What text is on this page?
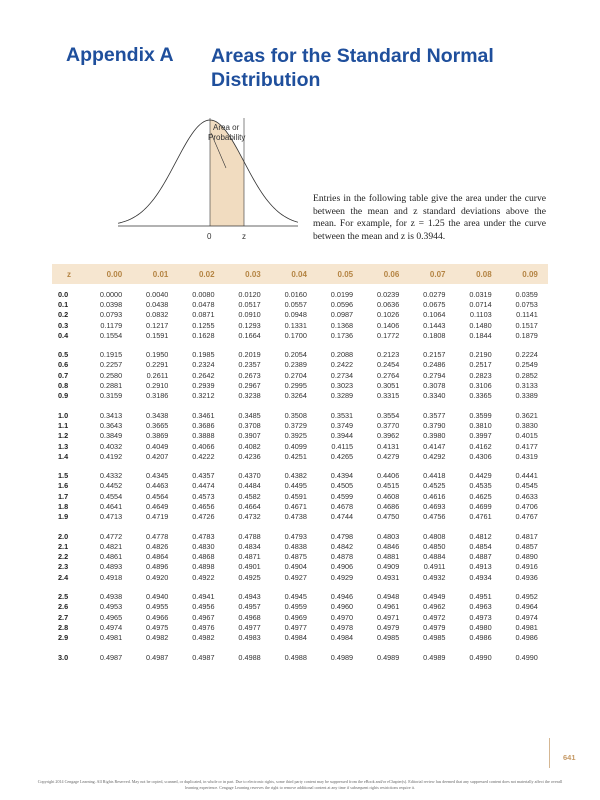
Appendix A Areas for the Standard Normal Distribution
Area or
Probability
0	z
Entries in the following table give the area under the curve between the mean and z standard deviations above the mean. For example, for z = 1.25 the area under the curve between the mean and z is 0.3944.
z	0.00	0.01	0.02	0.03	0.04	0.05	0.06	0.07	0.08	0.09
0.0	0.0000	0.0040	0.0080	0.0120	0.0160	0.0199	0.0239	0.0279	0.0319	0.0359
0.1	0.0398	0.0438	0.0478	0.0517	0.0557	0.0596	0.0636	0.0675	0.0714	0.0753
0.2	0.0793	0.0832	0.0871	0.0910	0.0948	0.0987	0.1026	0.1064	0.1103	0.1141
0.3	0.1179	0.1217	0.1255	0.1293	0.1331	0.1368	0.1406	0.1443	0.1480	0.1517
0.4	0.1554	0.1591	0.1628	0.1664	0.1700	0.1736	0.1772	0.1808	0.1844	0.1879
0.5	0.1915	0.1950	0.1985	0.2019	0.2054	0.2088	0.2123	0.2157	0.2190	0.2224
0.6	0.2257	0.2291	0.2324	0.2357	0.2389	0.2422	0.2454	0.2486	0.2517	0.2549
0.7	0.2580	0.2611	0.2642	0.2673	0.2704	0.2734	0.2764	0.2794	0.2823	0.2852
0.8	0.2881	0.2910	0.2939	0.2967	0.2995	0.3023	0.3051	0.3078	0.3106	0.3133
0.9	0.3159	0.3186	0.3212	0.3238	0.3264	0.3289	0.3315	0.3340	0.3365	0.3389
1.0	0.3413	0.3438	0.3461	0.3485	0.3508	0.3531	0.3554	0.3577	0.3599	0.3621
1.1	0.3643	0.3665	0.3686	0.3708	0.3729	0.3749	0.3770	0.3790	0.3810	0.3830
1.2	0.3849	0.3869	0.3888	0.3907	0.3925	0.3944	0.3962	0.3980	0.3997	0.4015
1.3	0.4032	0.4049	0.4066	0.4082	0.4099	0.4115	0.4131	0.4147	0.4162	0.4177
1.4	0.4192	0.4207	0.4222	0.4236	0.4251	0.4265	0.4279	0.4292	0.4306	0.4319
1.5	0.4332	0.4345	0.4357	0.4370	0.4382	0.4394	0.4406	0.4418	0.4429	0.4441
1.6	0.4452	0.4463	0.4474	0.4484	0.4495	0.4505	0.4515	0.4525	0.4535	0.4545
1.7	0.4554	0.4564	0.4573	0.4582	0.4591	0.4599	0.4608	0.4616	0.4625	0.4633
1.8	0.4641	0.4649	0.4656	0.4664	0.4671	0.4678	0.4686	0.4693	0.4699	0.4706
1.9	0.4713	0.4719	0.4726	0.4732	0.4738	0.4744	0.4750	0.4756	0.4761	0.4767
2.0	0.4772	0.4778	0.4783	0.4788	0.4793	0.4798	0.4803	0.4808	0.4812	0.4817
2.1	0.4821	0.4826	0.4830	0.4834	0.4838	0.4842	0.4846	0.4850	0.4854	0.4857
2.2	0.4861	0.4864	0.4868	0.4871	0.4875	0.4878	0.4881	0.4884	0.4887	0.4890
2.3	0.4893	0.4896	0.4898	0.4901	0.4904	0.4906	0.4909	0.4911	0.4913	0.4916
2.4	0.4918	0.4920	0.4922	0.4925	0.4927	0.4929	0.4931	0.4932	0.4934	0.4936
2.5	0.4938	0.4940	0.4941	0.4943	0.4945	0.4946	0.4948	0.4949	0.4951	0.4952
2.6	0.4953	0.4955	0.4956	0.4957	0.4959	0.4960	0.4961	0.4962	0.4963	0.4964
2.7	0.4965	0.4966	0.4967	0.4968	0.4969	0.4970	0.4971	0.4972	0.4973	0.4974
2.8	0.4974	0.4975	0.4976	0.4977	0.4977	0.4978	0.4979	0.4979	0.4980	0.4981
2.9	0.4981	0.4982	0.4982	0.4983	0.4984	0.4984	0.4985	0.4985	0.4986	0.4986
3.0	0.4987	0.4987	0.4987	0.4988	0.4988	0.4989	0.4989	0.4989	0.4990	0.4990
641
Copyright 2014 Cengage Learning. All Rights Reserved. May not be copied, scanned, or duplicated, in whole or in part. Due to electronic rights, some third party content may be suppressed from the eBook and/or eChapter(s). Editorial review has deemed that any suppressed content does not materially affect the overall learning experience. Cengage Learning reserves the right to remove additional content at any time if subsequent rights restrictions require it.
